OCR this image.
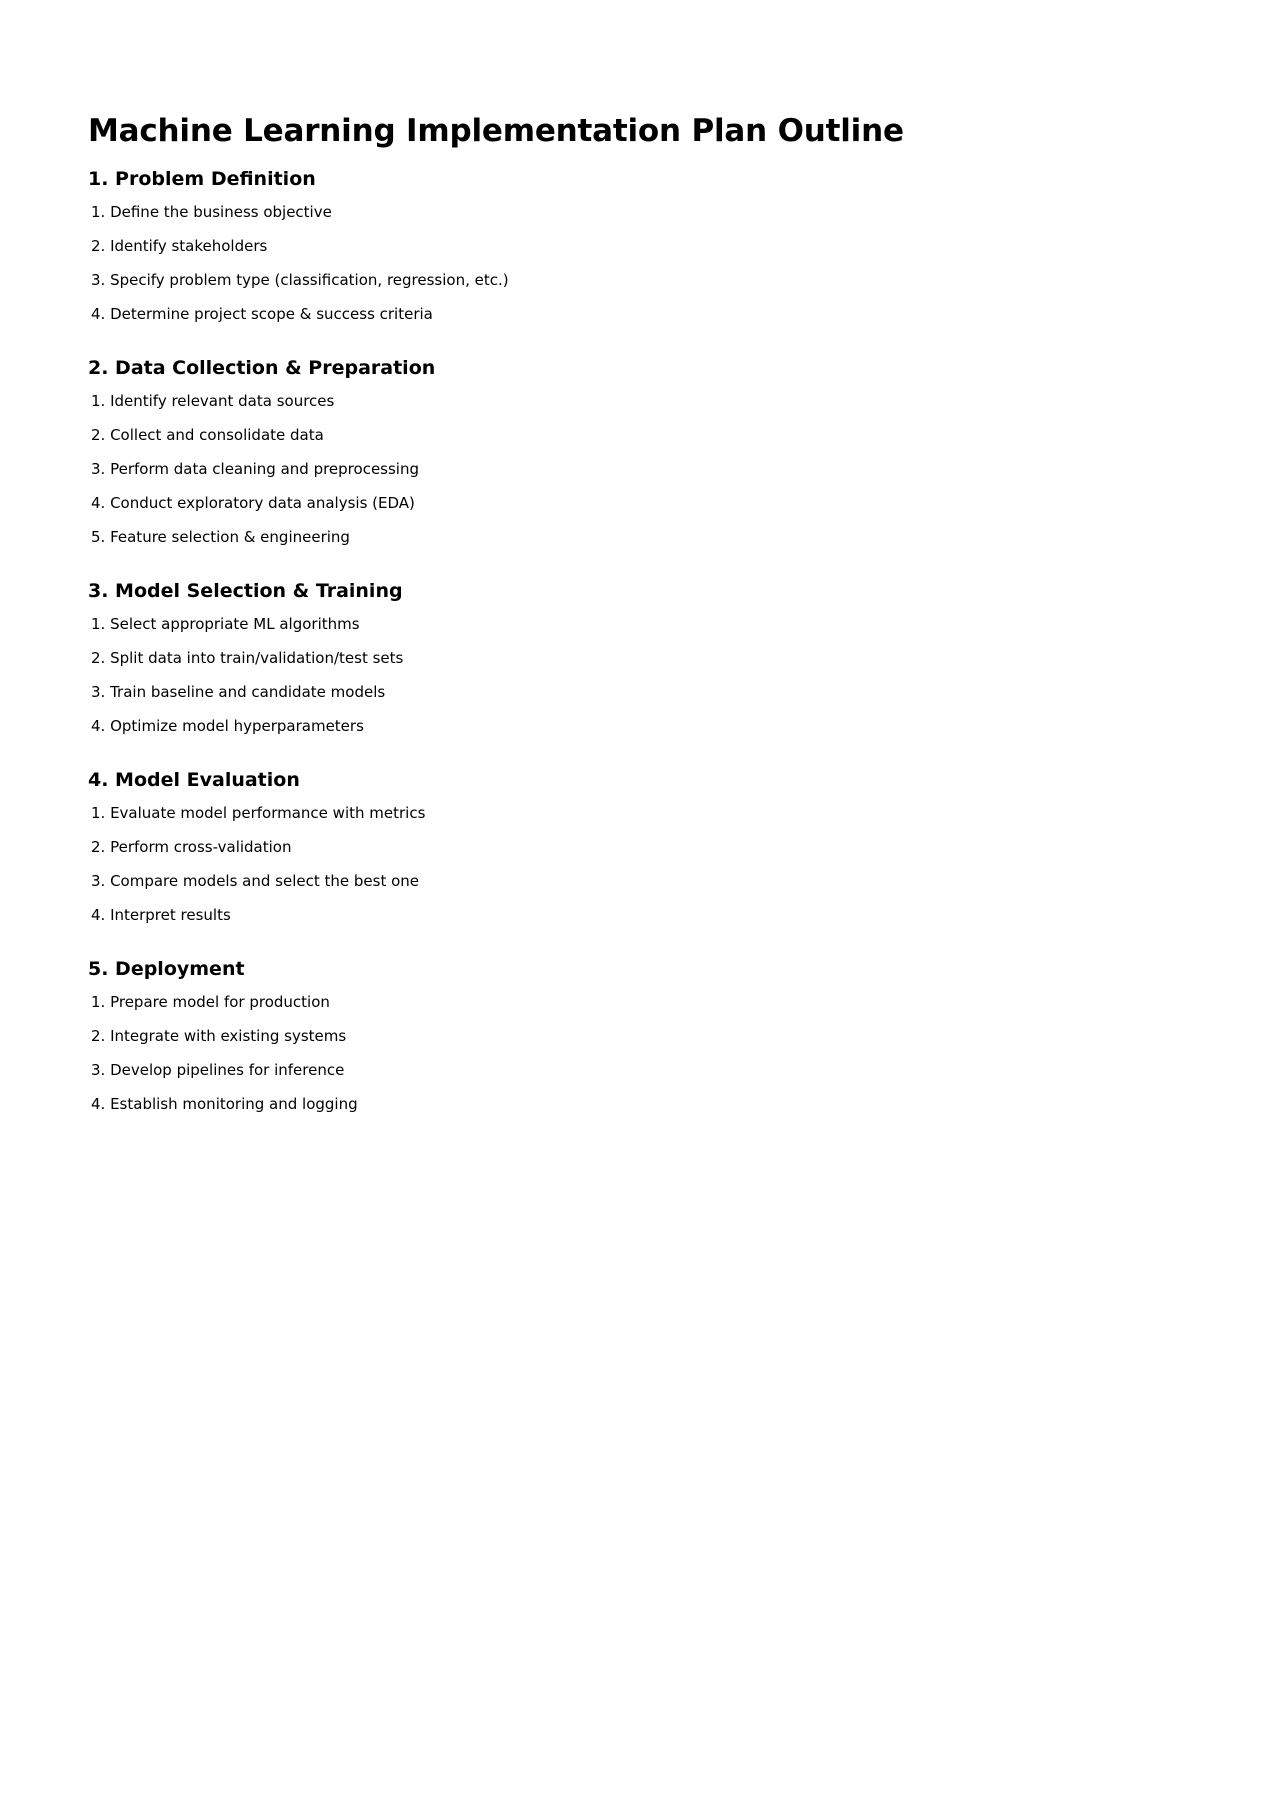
Machine Learning Implementation Plan Outline
1. Problem Definition
1. Define the business objective
2. Identify stakeholders
3. Specify problem type (classification, regression, etc.)
4. Determine project scope & success criteria
2. Data Collection & Preparation
1. Identify relevant data sources
2. Collect and consolidate data
3. Perform data cleaning and preprocessing
4. Conduct exploratory data analysis (EDA)
5. Feature selection & engineering
3. Model Selection & Training
1. Select appropriate ML algorithms
2. Split data into train/validation/test sets
3. Train baseline and candidate models
4. Optimize model hyperparameters
4. Model Evaluation
1. Evaluate model performance with metrics
2. Perform cross-validation
3. Compare models and select the best one
4. Interpret results
5. Deployment
1. Prepare model for production
2. Integrate with existing systems
3. Develop pipelines for inference
4. Establish monitoring and logging
